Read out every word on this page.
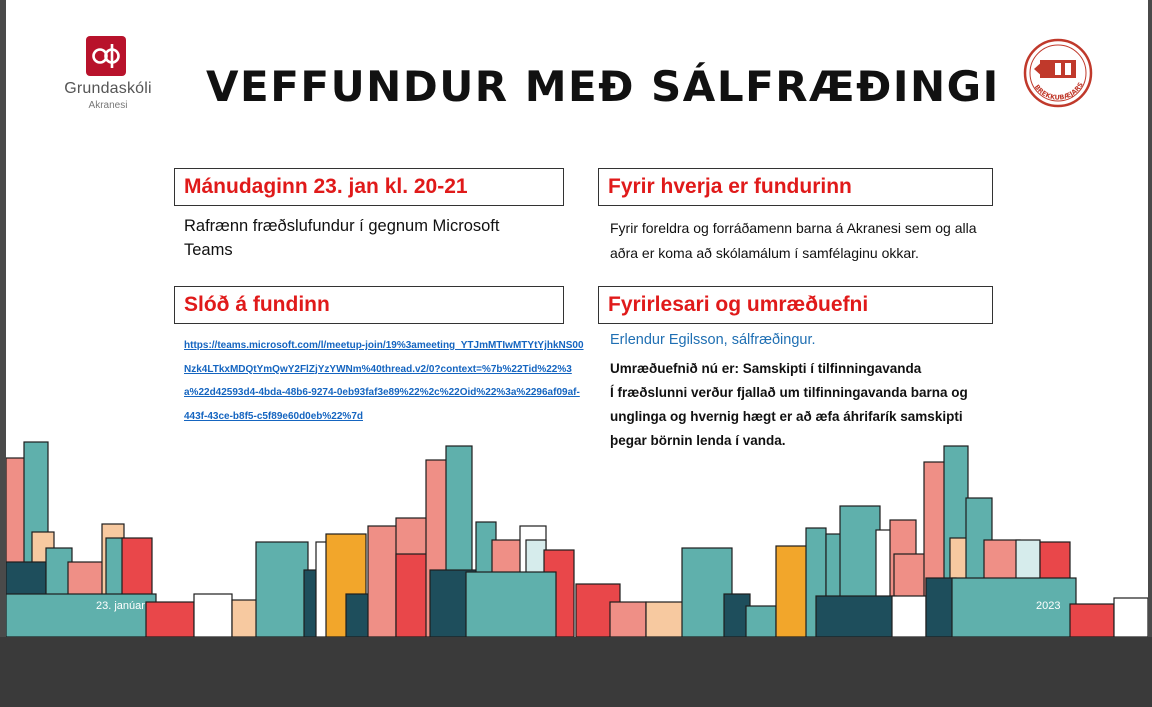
Grundaskóli
Akranesi	VEFFUNDUR MEÐ SÁLFRÆÐINGI	BREKKUBÆJARS
Mánudaginn 23. jan kl. 20-21
Rafrænn fræðslufundur í gegnum Microsoft Teams
Slóð á fundinn
https://teams.microsoft.com/l/meetup-join/19%3ameeting_YTJmMTIwMTYtYjhkNS00Nzk4LTkxMDQtYmQwY2FlZjYzYWNm%40thread.v2/0?context=%7b%22Tid%22%3a%22d42593d4-4bda-48b6-9274-0eb93faf3e89%22%2c%22Oid%22%3a%2296af09af-443f-43ce-b8f5-c5f89e60d0eb%22%7d
Fyrir hverja er fundurinn
Fyrir foreldra og forráðamenn barna á Akranesi sem og alla aðra er koma að skólamálum í samfélaginu okkar.
Fyrirlesari og umræðuefni
Erlendur Egilsson, sálfræðingur.
Umræðuefnið nú er: Samskipti í tilfinningavanda
Í fræðslunni verður fjallað um tilfinningavanda barna og unglinga og hvernig hægt er að æfa áhrifarík samskipti þegar börnin lenda í vanda.
23. janúar	2023
